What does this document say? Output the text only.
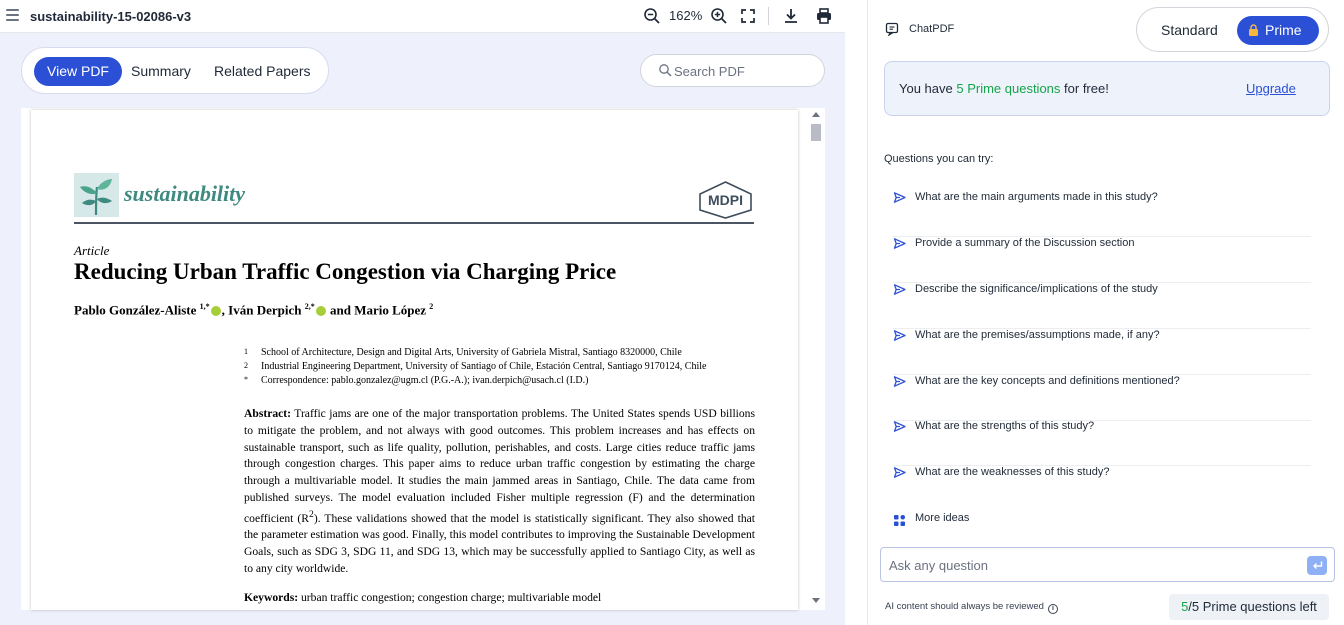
sustainability-15-02086-v3	162%
View PDF	Summary	Related Papers
Search PDF
sustainability	MDPI
Article
Reducing Urban Traffic Congestion via Charging Price
Pablo González-Aliste $^{1,*}$ , Iván Derpich $^{2,*}$ and Mario López $^2$
1 School of Architecture, Design and Digital Arts, University of Gabriela Mistral, Santiago 8320000, Chile
2 Industrial Engineering Department, University of Santiago of Chile, Estación Central, Santiago 9170124, Chile
* Correspondence: pablo.gonzalez@ugm.cl (P.G.-A.); ivan.derpich@usach.cl (I.D.)
Abstract: Traffic jams are one of the major transportation problems. The United States spends USD billions to mitigate the problem, and not always with good outcomes. This problem increases and has effects on sustainable transport, such as life quality, pollution, perishables, and costs. Large cities reduce traffic jams through congestion charges. This paper aims to reduce urban traffic congestion by estimating the charge through a multivariable model. It studies the main jammed areas in Santiago, Chile. The data came from published surveys. The model evaluation included Fisher multiple regression (F) and the determination coefficient $(R^2)$. These validations showed that the model is statistically significant. They also showed that the parameter estimation was good. Finally, this model contributes to improving the Sustainable Development Goals, such as SDG 3, SDG 11, and SDG 13, which may be successfully applied to Santiago City, as well as to any city worldwide.
Keywords: urban traffic congestion; congestion charge; multivariable model
ChatPDF	Standard	Prime
You have 5 Prime questions for free!	Upgrade
Questions you can try:
What are the main arguments made in this study?
Provide a summary of the Discussion section
Describe the significance/implications of the study
What are the premises/assumptions made, if any?
What are the key concepts and definitions mentioned?
What are the strengths of this study?
What are the weaknesses of this study?
More ideas
Ask any question
AI content should always be reviewed i	5/5 Prime questions left
